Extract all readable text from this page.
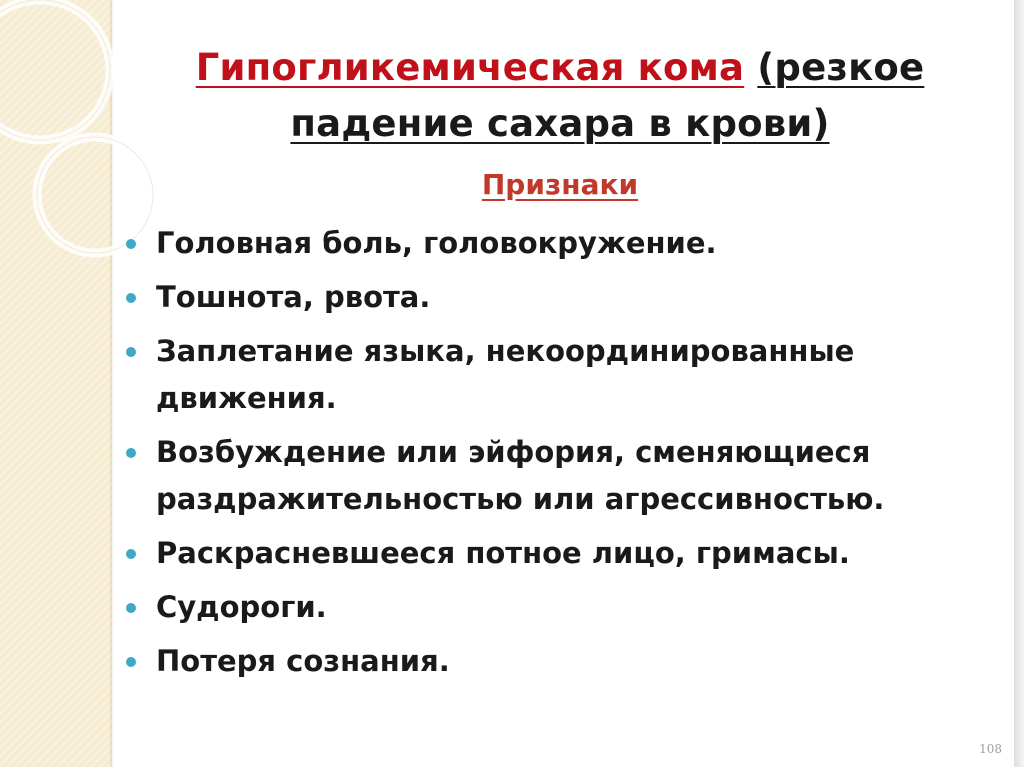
Гипогликемическая кома (резкое
падение сахара в крови)
Признаки
Головная боль, головокружение.
Тошнота, рвота.
Заплетание языка, некоординированные движения.
Возбуждение или эйфория, сменяющиеся раздражительностью или агрессивностью.
Раскрасневшееся потное лицо, гримасы.
Судороги.
Потеря сознания.
108
